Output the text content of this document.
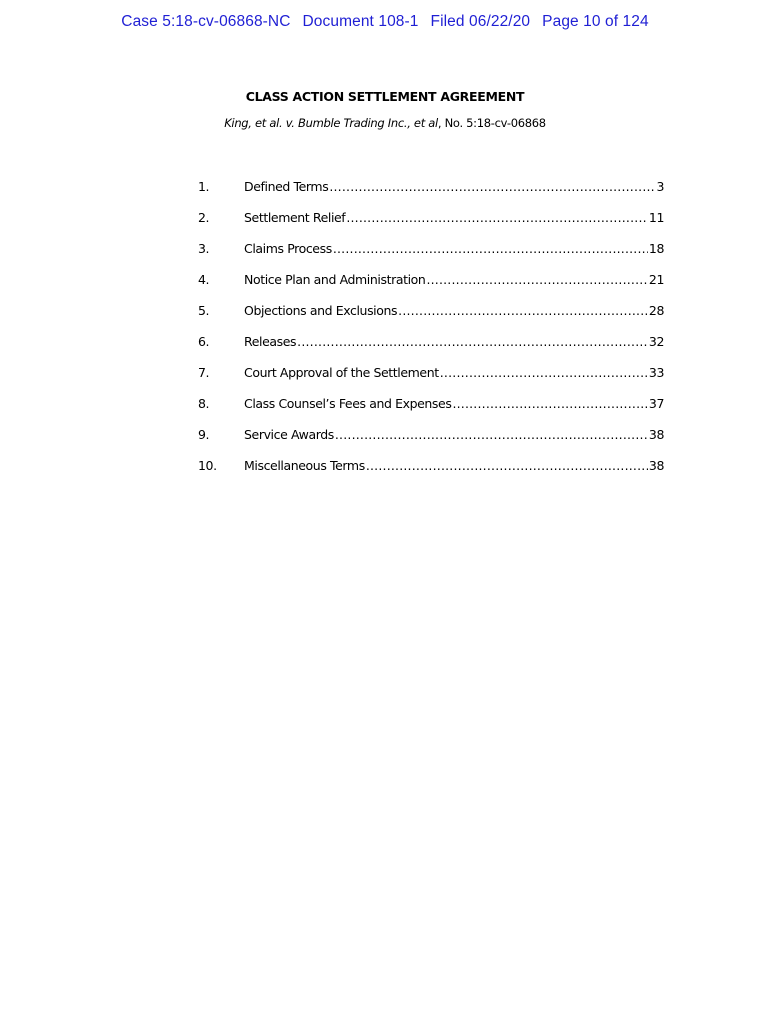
Case 5:18-cv-06868-NC Document 108-1 Filed 06/22/20 Page 10 of 124
CLASS ACTION SETTLEMENT AGREEMENT
King, et al. v. Bumble Trading Inc., et al, No. 5:18-cv-06868
1.	Defined Terms .....	3
2.	Settlement Relief .....	11
3.	Claims Process .....	18
4.	Notice Plan and Administration .....	21
5.	Objections and Exclusions .....	28
6.	Releases .....	32
7.	Court Approval of the Settlement .....	33
8.	Class Counsel’s Fees and Expenses .....	37
9.	Service Awards .....	38
10.	Miscellaneous Terms .....	38
